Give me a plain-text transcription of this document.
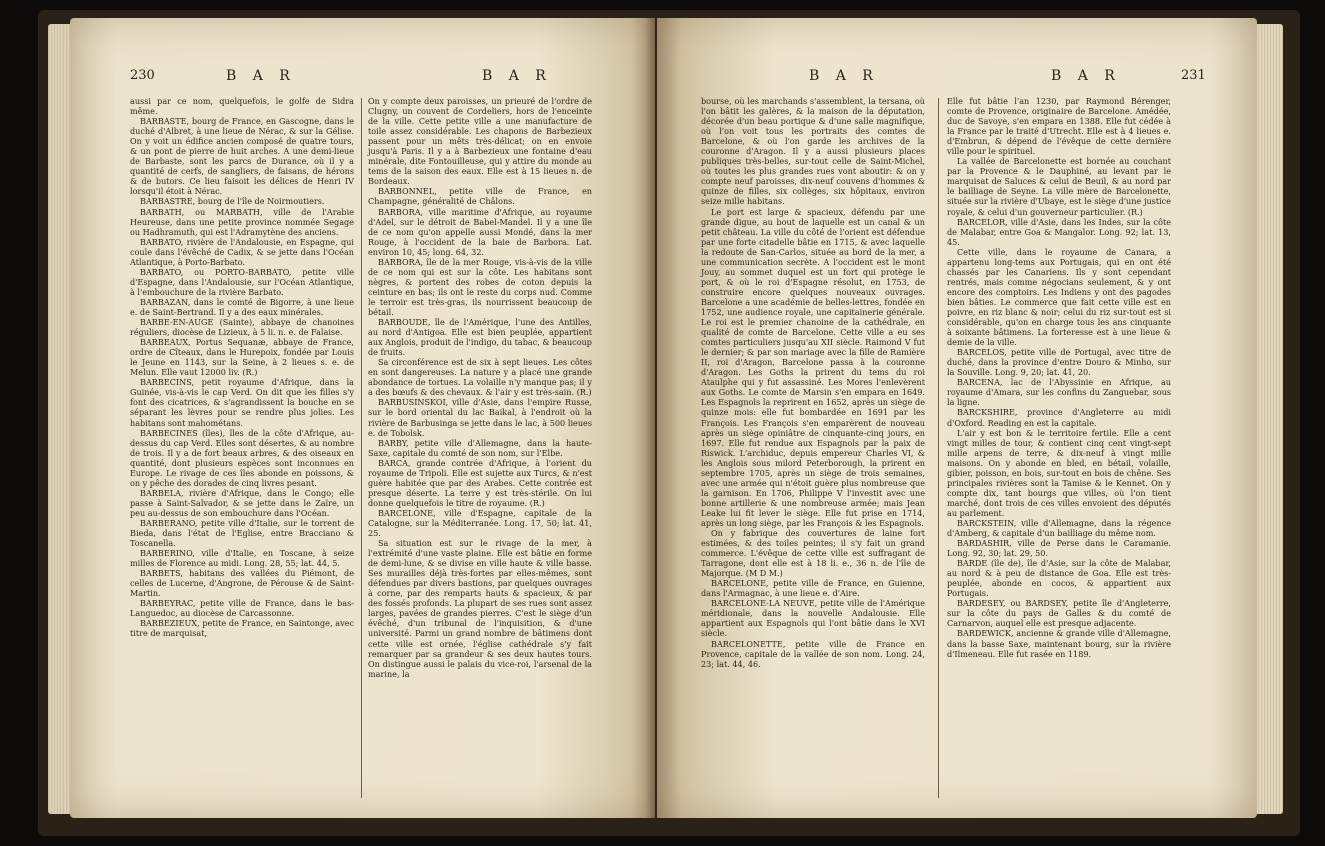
230	B A R	B A R

aussi par ce nom, quelquefois, le golfe de Sidra même.

BARBASTE, bourg de France, en Gascogne, dans le duché d'Albret, à une lieue de Nérac, & sur la Gélise. On y voit un édifice ancien composé de quatre tours, & un pont de pierre de huit arches. A une demi-lieue de Barbaste, sont les parcs de Durance, où il y a quantité de cerfs, de sangliers, de faisans, de hérons & de butors. Ce lieu faisoit les délices de Henri IV lorsqu'il étoit à Nérac.

BARBASTRE, bourg de l'île de Noirmoutiers.

BARBATH, ou MARBATH, ville de l'Arabie Heureuse, dans une petite province nommée Segage ou Hadhramuth, qui est l'Adramytène des anciens.

BARBATO, rivière de l'Andalousie, en Espagne, qui coule dans l'évêché de Cadix, & se jette dans l'Océan Atlantique, à Porto-Barbato.

BARBATO, ou PORTO-BARBATO, petite ville d'Espagne, dans l'Andalousie, sur l'Océan Atlantique, à l'embouchure de la rivière Barbato.

BARBAZAN, dans le comté de Bigorre, à une lieue e. de Saint-Bertrand. Il y a des eaux minérales.

BARBE-EN-AUGE (Sainte), abbaye de chanoines réguliers, diocèse de Lizieux, à 5 li. n. e. de Falaise.

BARBEAUX, Portus Sequanæ, abbaye de France, ordre de Cîteaux, dans le Hurepoix, fondée par Louis le Jeune en 1143, sur la Seine, à 2 lieues s. e. de Melun. Elle vaut 12000 liv. (R.)

BARBECINS, petit royaume d'Afrique, dans la Guinée, vis-à-vis le cap Verd. On dit que les filles s'y font des cicatrices, & s'agrandissent la bouche en se séparant les lèvres pour se rendre plus jolies. Les habitans sont mahométans.

BARBECINES (îles), îles de la côte d'Afrique, au-dessus du cap Verd. Elles sont désertes, & au nombre de trois. Il y a de fort beaux arbres, & des oiseaux en quantité, dont plusieurs espèces sont inconnues en Europe. Le rivage de ces îles abonde en poissons, & on y pêche des dorades de cinq livres pesant.

BARBELA, rivière d'Afrique, dans le Congo; elle passe à Saint-Salvador, & se jette dans le Zaïre, un peu au-dessus de son embouchure dans l'Océan.

BARBERANO, petite ville d'Italie, sur le torrent de Bieda, dans l'état de l'Eglise, entre Bracciano & Toscanella.

BARBERINO, ville d'Italie, en Toscane, à seize milles de Florence au midi. Long. 28, 55; lat. 44, 5.

BARBETS, habitans des vallées du Piémont, de celles de Lucerne, d'Angrone, de Pérouse & de Saint-Martin.

BARBEYRAC, petite ville de France, dans le bas-Languedoc, au diocèse de Carcassonne.

BARBEZIEUX, petite de France, en Saintonge, avec titre de marquisat,

On y compte deux paroisses, un prieuré de l'ordre de Clugny, un couvent de Cordeliers, hors de l'enceinte de la ville. Cette petite ville a une manufacture de toile assez considérable. Les chapons de Barbezieux passent pour un mêts très-délicat; on en envoie jusqu'à Paris. Il y a à Barbezieux une fontaine d'eau minérale, dite Fontouilleuse, qui y attire du monde au tems de la saison des eaux. Elle est à 15 lieues n. de Bordeaux.

BARBONNEL, petite ville de France, en Champagne, généralité de Châlons.

BARBORA, ville maritime d'Afrique, au royaume d'Adel, sur le détroit de Babel-Mandel. Il y a une île de ce nom qu'on appelle aussi Mondé, dans la mer Rouge, à l'occident de la baie de Barbora. Lat. environ 10, 45; long. 64, 32.

BARBORA, île de la mer Rouge, vis-à-vis de la ville de ce nom qui est sur la côte. Les habitans sont nègres, & portent des robes de coton depuis la ceinture en bas; ils ont le reste du corps nud. Comme le terroir est très-gras, ils nourrissent beaucoup de bétail.

BARBOUDE, île de l'Amérique, l'une des Antilles, au nord d'Antigoa. Elle est bien peuplée, appartient aux Anglois, produit de l'indigo, du tabac, & beaucoup de fruits.

Sa circonférence est de six à sept lieues. Les côtes en sont dangereuses. La nature y a placé une grande abondance de tortues. La volaille n'y manque pas; il y a des bœufs & des chevaux. & l'air y est très-sain. (R.)

BARBUSINSKOI, ville d'Asie, dans l'empire Russe, sur le bord oriental du lac Baikal, à l'endroit où la rivière de Barbusinga se jette dans le lac, à 500 lieues e. de Tobolsk.

BARBY, petite ville d'Allemagne, dans la haute-Saxe, capitale du comté de son nom, sur l'Elbe.

BARCA, grande contrée d'Afrique, à l'orient du royaume de Tripoli. Elle est sujette aux Turcs, & n'est guère habitée que par des Arabes. Cette contrée est presque déserte. La terre y est très-stérile. On lui donne quelquefois le titre de royaume. (R.)

BARCELONE, ville d'Espagne, capitale de la Catalogne, sur la Méditerranée. Long. 17, 50; lat. 41, 25.

Sa situation est sur le rivage de la mer, à l'extrémité d'une vaste plaine. Elle est bâtie en forme de demi-lune, & se divise en ville haute & ville basse. Ses murailles déjà très-fortes par elles-mêmes, sont défendues par divers bastions, par quelques ouvrages à corne, par des remparts hauts & spacieux, & par des fossés profonds. La plupart de ses rues sont assez larges, pavées de grandes pierres. C'est le siège d'un évêché, d'un tribunal de l'inquisition, & d'une université. Parmi un grand nombre de bâtimens dont cette ville est ornée, l'église cathédrale s'y fait remarquer par sa grandeur & ses deux hautes tours. On distingue aussi le palais du vice-roi, l'arsenal de la marine, la

B A R	B A R	231

bourse, où les marchands s'assemblent, la tersana, où l'on bâtit les galères, & la maison de la députation, décorée d'un beau portique & d'une salle magnifique, où l'on voit tous les portraits des comtes de Barcelone, & où l'on garde les archives de la couronne d'Aragon. Il y a aussi plusieurs places publiques très-belles, sur-tout celle de Saint-Michel, où toutes les plus grandes rues vont aboutir: & on y compte neuf paroisses, dix-neuf couvens d'hommes & quinze de filles, six collèges, six hôpitaux, environ seize mille habitans.

Le port est large & spacieux, défendu par une grande digue, au bout de laquelle est un canal & un petit château. La ville du côté de l'orient est défendue par une forte citadelle bâtie en 1715, & avec laquelle la redoute de San-Carlos, située au bord de la mer, a une communication secrète. A l'occident est le mont Jouy, au sommet duquel est un fort qui protège le port, & où le roi d'Espagne résolut, en 1753, de construire encore quelques nouveaux ouvrages. Barcelone a une académie de belles-lettres, fondée en 1752, une audience royale, une capitainerie générale. Le roi est le premier chanoine de la cathédrale, en qualité de comte de Barcelone. Cette ville a eu ses comtes particuliers jusqu'au XII siècle. Raimond V fut le dernier; & par son mariage avec la fille de Ramière II, roi d'Aragon, Barcelone passa à la couronne d'Aragon. Les Goths la prirent du tems du roi Ataulphe qui y fut assassiné. Les Mores l'enlevèrent aux Goths. Le comte de Marsin s'en empara en 1649. Les Espagnols la reprirent en 1652, après un siège de quinze mois: elle fut bombardée en 1691 par les François. Les François s'en emparèrent de nouveau après un siège opiniâtre de cinquante-cinq jours, en 1697. Elle fut rendue aux Espagnols par la paix de Riswick. L'archiduc, depuis empereur Charles VI, & les Anglois sous milord Peterborough, la prirent en septembre 1705, après un siège de trois semaines, avec une armée qui n'étoit guère plus nombreuse que la garnison. En 1706, Philippe V l'investit avec une bonne artillerie & une nombreuse armée; mais Jean Leake lui fit lever le siège. Elle fut prise en 1714, après un long siège, par les François & les Espagnols.

On y fabrique des couvertures de laine fort estimées, & des toiles peintes; il s'y fait un grand commerce. L'évêque de cette ville est suffragant de Tarragone, dont elle est à 18 li. e., 36 n. de l'île de Majorque. (M D M.)

BARCELONE, petite ville de France, en Guienne, dans l'Armagnac, à une lieue e. d'Aire.

BARCELONE-LA NEUVE, petite ville de l'Amérique méridionale, dans la nouvelle Andalousie. Elle appartient aux Espagnols qui l'ont bâtie dans le XVI siècle.

BARCELONETTE, petite ville de France en Provence, capitale de la vallée de son nom. Long. 24, 23; lat. 44, 46.

Elle fut bâtie l'an 1230, par Raymond Bérenger, comte de Provence, originaire de Barcelone. Amédée, duc de Savoye, s'en empara en 1388. Elle fut cédée à la France par le traité d'Utrecht. Elle est à 4 lieues e. d'Embrun, & dépend de l'évêque de cette dernière ville pour le spirituel.

La vallée de Barcelonette est bornée au couchant par la Provence & le Dauphiné, au levant par le marquisat de Saluces & celui de Beuil, & au nord par le bailliage de Seyne. La ville mère de Barcelonette, située sur la rivière d'Ubaye, est le siège d'une justice royale, & celui d'un gouverneur particulier. (R.)

BARCELOR, ville d'Asie, dans les Indes, sur la côte de Malabar, entre Goa & Mangalor. Long. 92; lat. 13, 45.

Cette ville, dans le royaume de Canara, a appartenu long-tems aux Portugais, qui en ont été chassés par les Canariens. Ils y sont cependant rentrés, mais comme négocians seulement, & y ont encore des comptoirs. Les Indiens y ont des pagodes bien bâties. Le commerce que fait cette ville est en poivre, en riz blanc & noir; celui du riz sur-tout est si considérable, qu'on en charge tous les ans cinquante à soixante bâtimens. La forteresse est à une lieue & demie de la ville.

BARCELOS, petite ville de Portugal, avec titre de duché, dans la province d'entre Douro & Minho, sur la Souville. Long. 9, 20; lat. 41, 20.

BARCENA, lac de l'Abyssinie en Afrique, au royaume d'Amara, sur les confins du Zanguebar, sous la ligne.

BARCKSHIRE, province d'Angleterre au midi d'Oxford. Reading en est la capitale.

L'air y est bon & le territoire fertile. Elle a cent vingt milles de tour, & contient cinq cent vingt-sept mille arpens de terre, & dix-neuf à vingt mille maisons. On y abonde en bled, en bétail, volaille, gibier, poisson, en bois, sur-tout en bois de chêne. Ses principales rivières sont la Tamise & le Kennet. On y compte dix, tant bourgs que villes, où l'on tient marché, dont trois de ces villes envoient des députés au parlement.

BARCKSTEIN, ville d'Allemagne, dans la régence d'Amberg, & capitale d'un bailliage du même nom.

BARDASHIR, ville de Perse dans le Caramanie. Long. 92, 30; lat. 29, 50.

BARDE (île de), île d'Asie, sur la côte de Malabar, au nord & à peu de distance de Goa. Elle est très-peuplée, abonde en cocos, & appartient aux Portugais.

BARDESEY, ou BARDSEY, petite île d'Angleterre, sur la côte du pays de Galles & du comté de Carnarvon, auquel elle est presque adjacente.

BARDEWICK, ancienne & grande ville d'Allemagne, dans la basse Saxe, maintenant bourg, sur la rivière d'Ilmeneau. Elle fut rasée en 1189.
